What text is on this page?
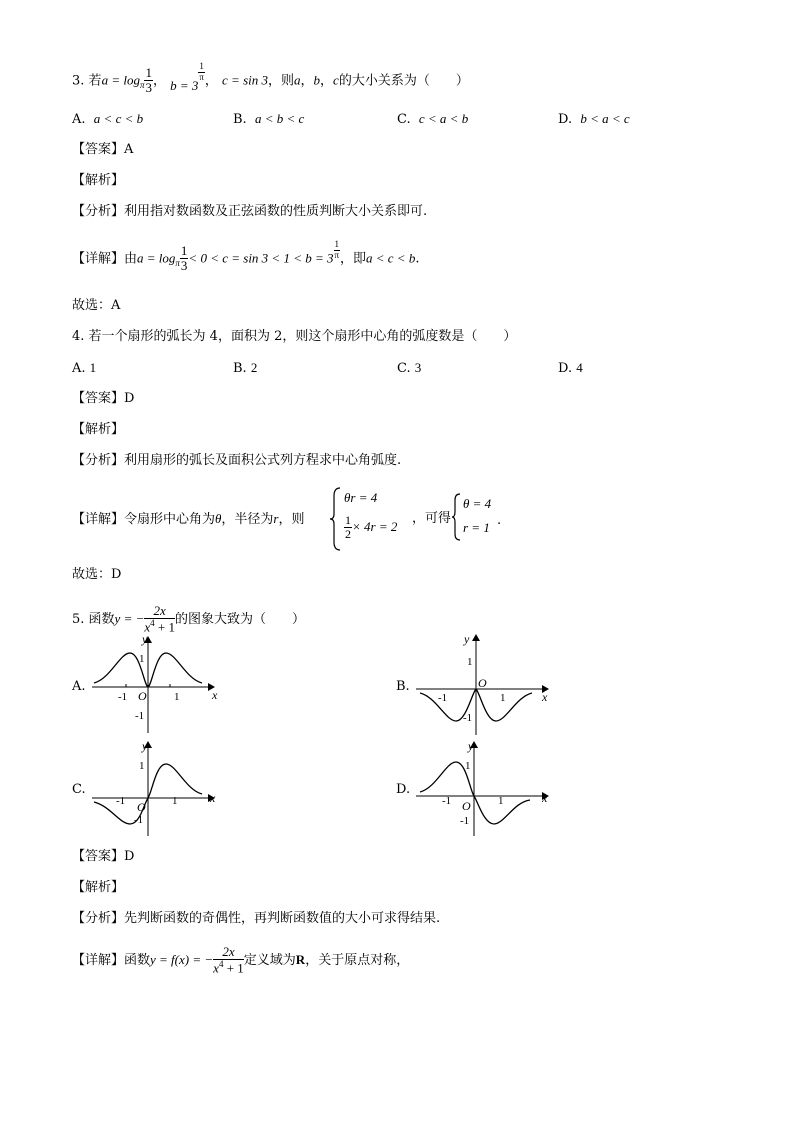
3. 若$a = \log_\pi \frac{1}{3}$ ， b = 3
$^{\frac{1}{\pi}}$ ， c = sin 3，则a，b，c的大小关系为（　　）
A. a < c < b	B. a < b < c	C. c < a < b	D. b < a < c
【答案】A
【解析】
【分析】利用指对数函数及正弦函数的性质判断大小关系即可.
【详解】由$a = \log_\pi \frac{1}{3} < 0 < c = \sin 3 < 1 < b = 3$ $^{\frac{1}{\pi}}$ ，即a < c < b.
故选：A
4. 若一个扇形的弧长为 4，面积为 2，则这个扇形中心角的弧度数是（　　）
A. 1	B. 2	C. 3	D. 4
【答案】D
【解析】
【分析】利用扇形的弧长及面积公式列方程求中心角弧度.
【详解】令扇形中心角为θ，半径为r，则
θr = 4
$\frac{1}{2} \times 4r = 2$
，可得
θ = 4
r = 1 .
故选：D
5. 函数y = − $\frac{2x}{x^4 + 1}$ 的图象大致为（　　）
A.	B.
C.	D.
y
x
O
1
-1
-1	1
y
x
O
1
-1
-1	1
y
x
O
1
-1
-1	1
y
x
O
1
-1
-1	1
【答案】D
【解析】
【分析】先判断函数的奇偶性，再判断函数值的大小可求得结果.
【详解】函数y = f(x) = − $\frac{2x}{x^4 + 1}$ 定义域为R，关于原点对称，
